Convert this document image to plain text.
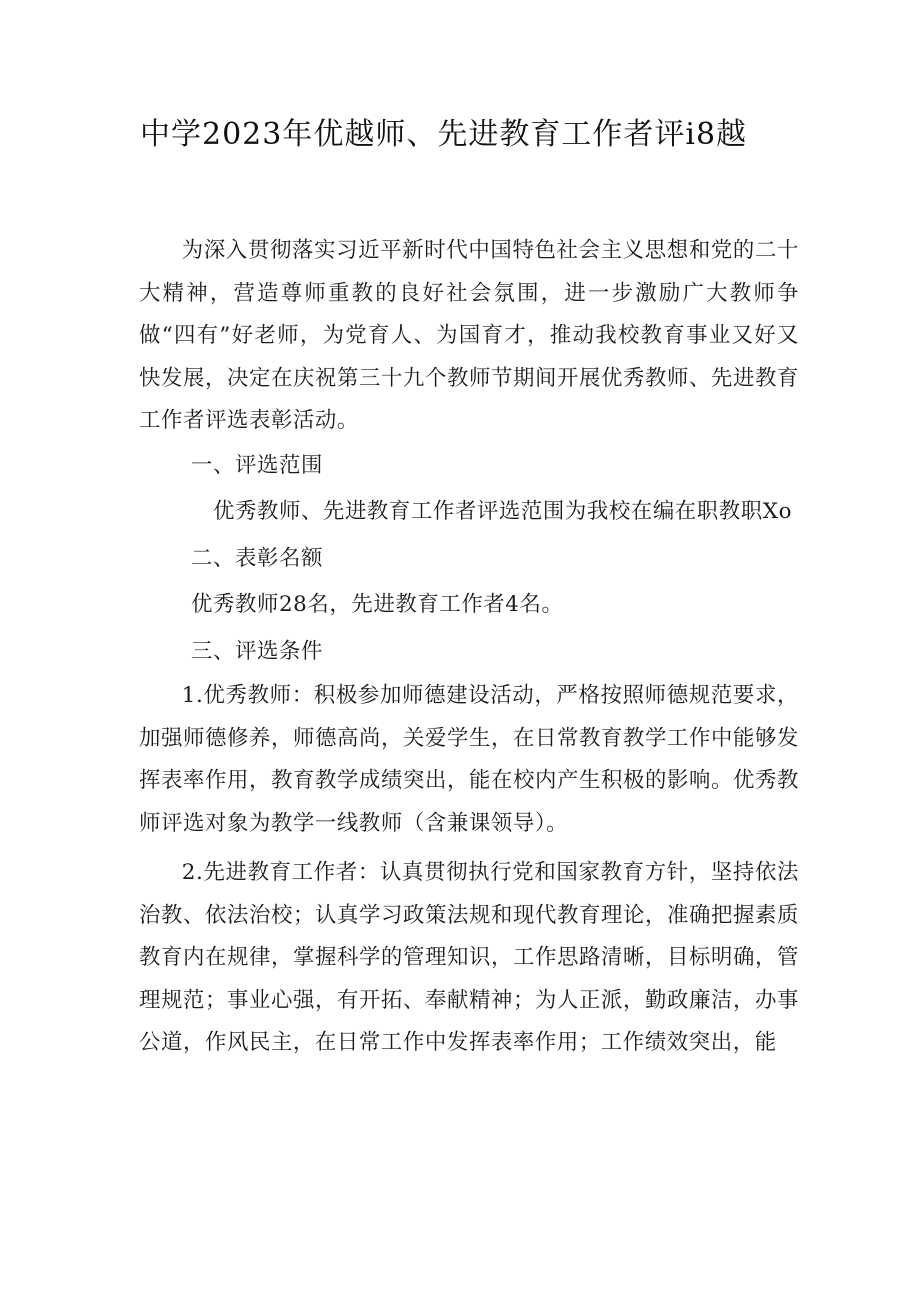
中学2023年优越师、先进教育工作者评i8越

为深入贯彻落实习近平新时代中国特色社会主义思想和党的二十大精神，营造尊师重教的良好社会氛围，进一步激励广大教师争做“四有”好老师，为党育人、为国育才，推动我校教育事业又好又快发展，决定在庆祝第三十九个教师节期间开展优秀教师、先进教育工作者评选表彰活动。

一、评选范围

优秀教师、先进教育工作者评选范围为我校在编在职教职Xo

二、表彰名额

优秀教师28名，先进教育工作者4名。

三、评选条件

1.优秀教师：积极参加师德建设活动，严格按照师德规范要求，加强师德修养，师德高尚，关爱学生，在日常教育教学工作中能够发挥表率作用，教育教学成绩突出，能在校内产生积极的影响。优秀教师评选对象为教学一线教师（含兼课领导）。

2.先进教育工作者：认真贯彻执行党和国家教育方针，坚持依法治教、依法治校；认真学习政策法规和现代教育理论，准确把握素质教育内在规律，掌握科学的管理知识，工作思路清晰，目标明确，管理规范；事业心强，有开拓、奉献精神；为人正派，勤政廉洁，办事公道，作风民主，在日常工作中发挥表率作用；工作绩效突出，能
